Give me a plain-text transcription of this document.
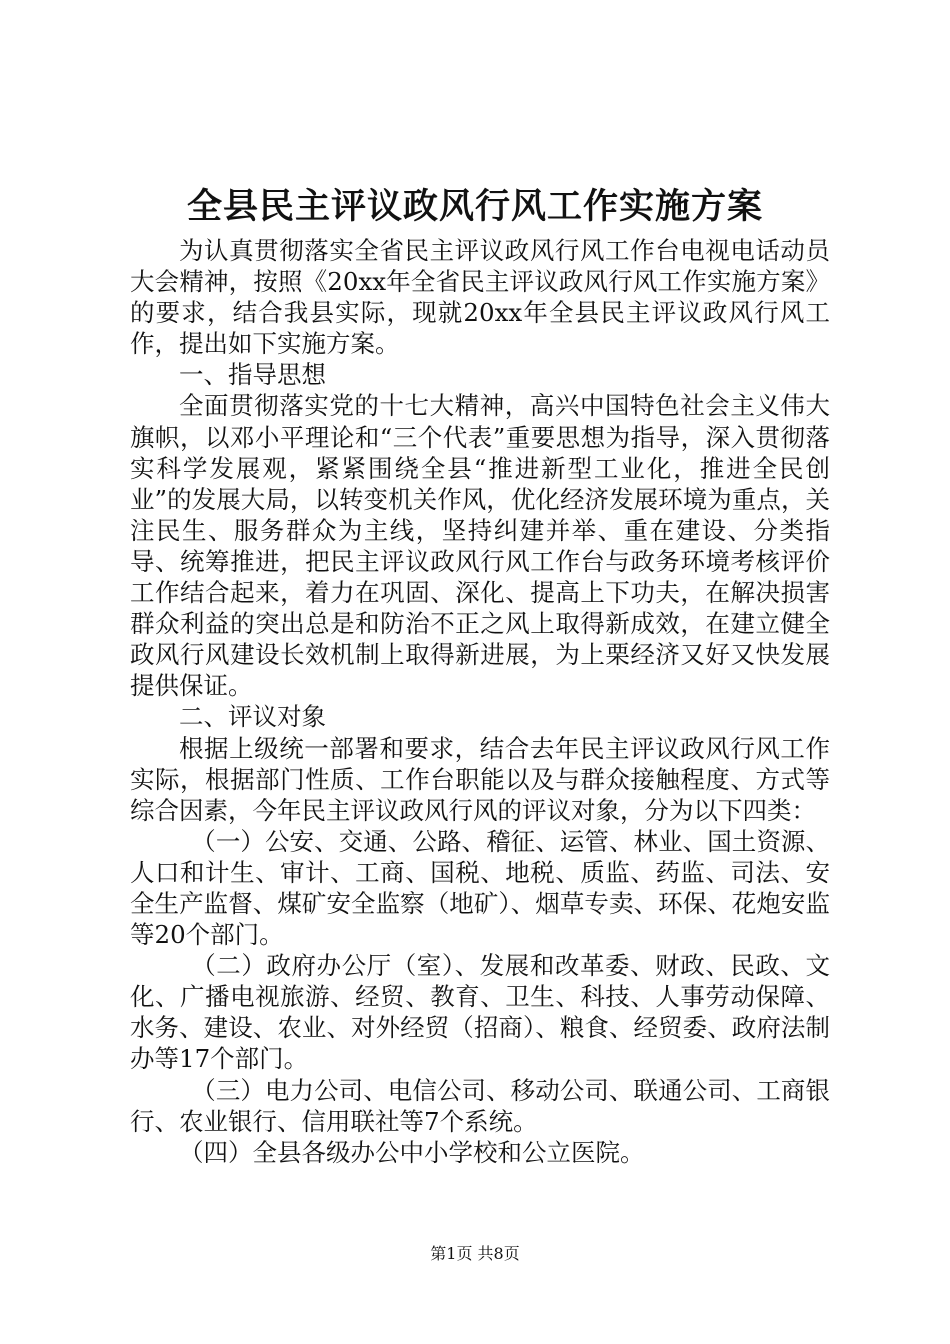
全县民主评议政风行风工作实施方案

为认真贯彻落实全省民主评议政风行风工作台电视电话动员大会精神，按照《20xx年全省民主评议政风行风工作实施方案》的要求，结合我县实际，现就20xx年全县民主评议政风行风工作，提出如下实施方案。

一、指导思想

全面贯彻落实党的十七大精神，高兴中国特色社会主义伟大旗帜，以邓小平理论和“三个代表”重要思想为指导，深入贯彻落实科学发展观，紧紧围绕全县“推进新型工业化，推进全民创业”的发展大局，以转变机关作风，优化经济发展环境为重点，关注民生、服务群众为主线，坚持纠建并举、重在建设、分类指导、统筹推进，把民主评议政风行风工作台与政务环境考核评价工作结合起来，着力在巩固、深化、提高上下功夫，在解决损害群众利益的突出总是和防治不正之风上取得新成效，在建立健全政风行风建设长效机制上取得新进展，为上栗经济又好又快发展提供保证。

二、评议对象

根据上级统一部署和要求，结合去年民主评议政风行风工作实际，根据部门性质、工作台职能以及与群众接触程度、方式等综合因素，今年民主评议政风行风的评议对象，分为以下四类：

（一）公安、交通、公路、稽征、运管、林业、国土资源、人口和计生、审计、工商、国税、地税、质监、药监、司法、安全生产监督、煤矿安全监察（地矿）、烟草专卖、环保、花炮安监等20个部门。

（二）政府办公厅（室）、发展和改革委、财政、民政、文化、广播电视旅游、经贸、教育、卫生、科技、人事劳动保障、水务、建设、农业、对外经贸（招商）、粮食、经贸委、政府法制办等17个部门。

（三）电力公司、电信公司、移动公司、联通公司、工商银行、农业银行、信用联社等7个系统。

（四）全县各级办公中小学校和公立医院。

第1页 共8页
